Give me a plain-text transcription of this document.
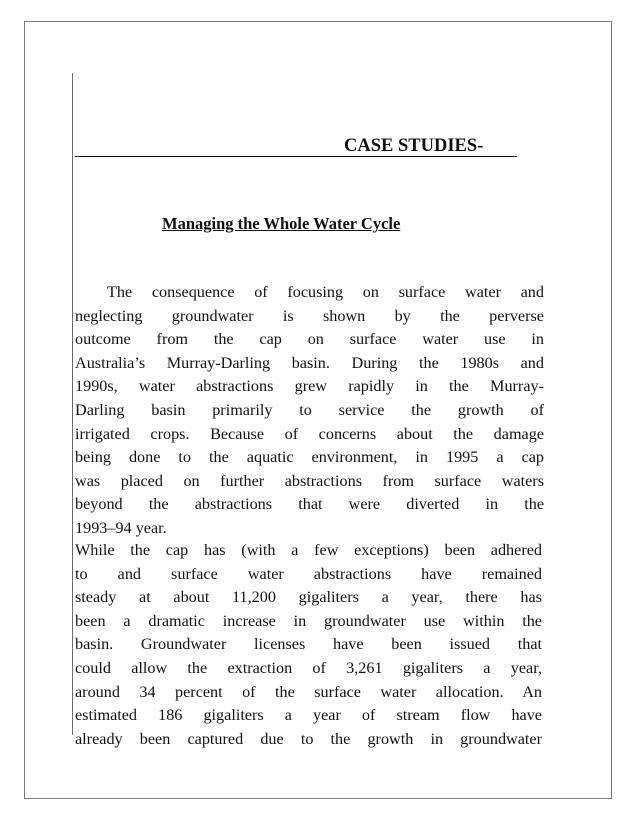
CASE STUDIES-
Managing the Whole Water Cycle

The consequence of focusing on surface water and
neglecting groundwater is shown by the perverse
outcome from the cap on surface water use in
Australia’s Murray-Darling basin. During the 1980s and
1990s, water abstractions grew rapidly in the Murray-
Darling basin primarily to service the growth of
irrigated crops. Because of concerns about the damage
being done to the aquatic environment, in 1995 a cap
was placed on further abstractions from surface waters
beyond the abstractions that were diverted in the
1993–94 year.

While the cap has (with a few exceptions) been adhered
to and surface water abstractions have remained
steady at about 11,200 gigaliters a year, there has
been a dramatic increase in groundwater use within the
basin. Groundwater licenses have been issued that
could allow the extraction of 3,261 gigaliters a year,
around 34 percent of the surface water allocation. An
estimated 186 gigaliters a year of stream flow have
already been captured due to the growth in groundwater
